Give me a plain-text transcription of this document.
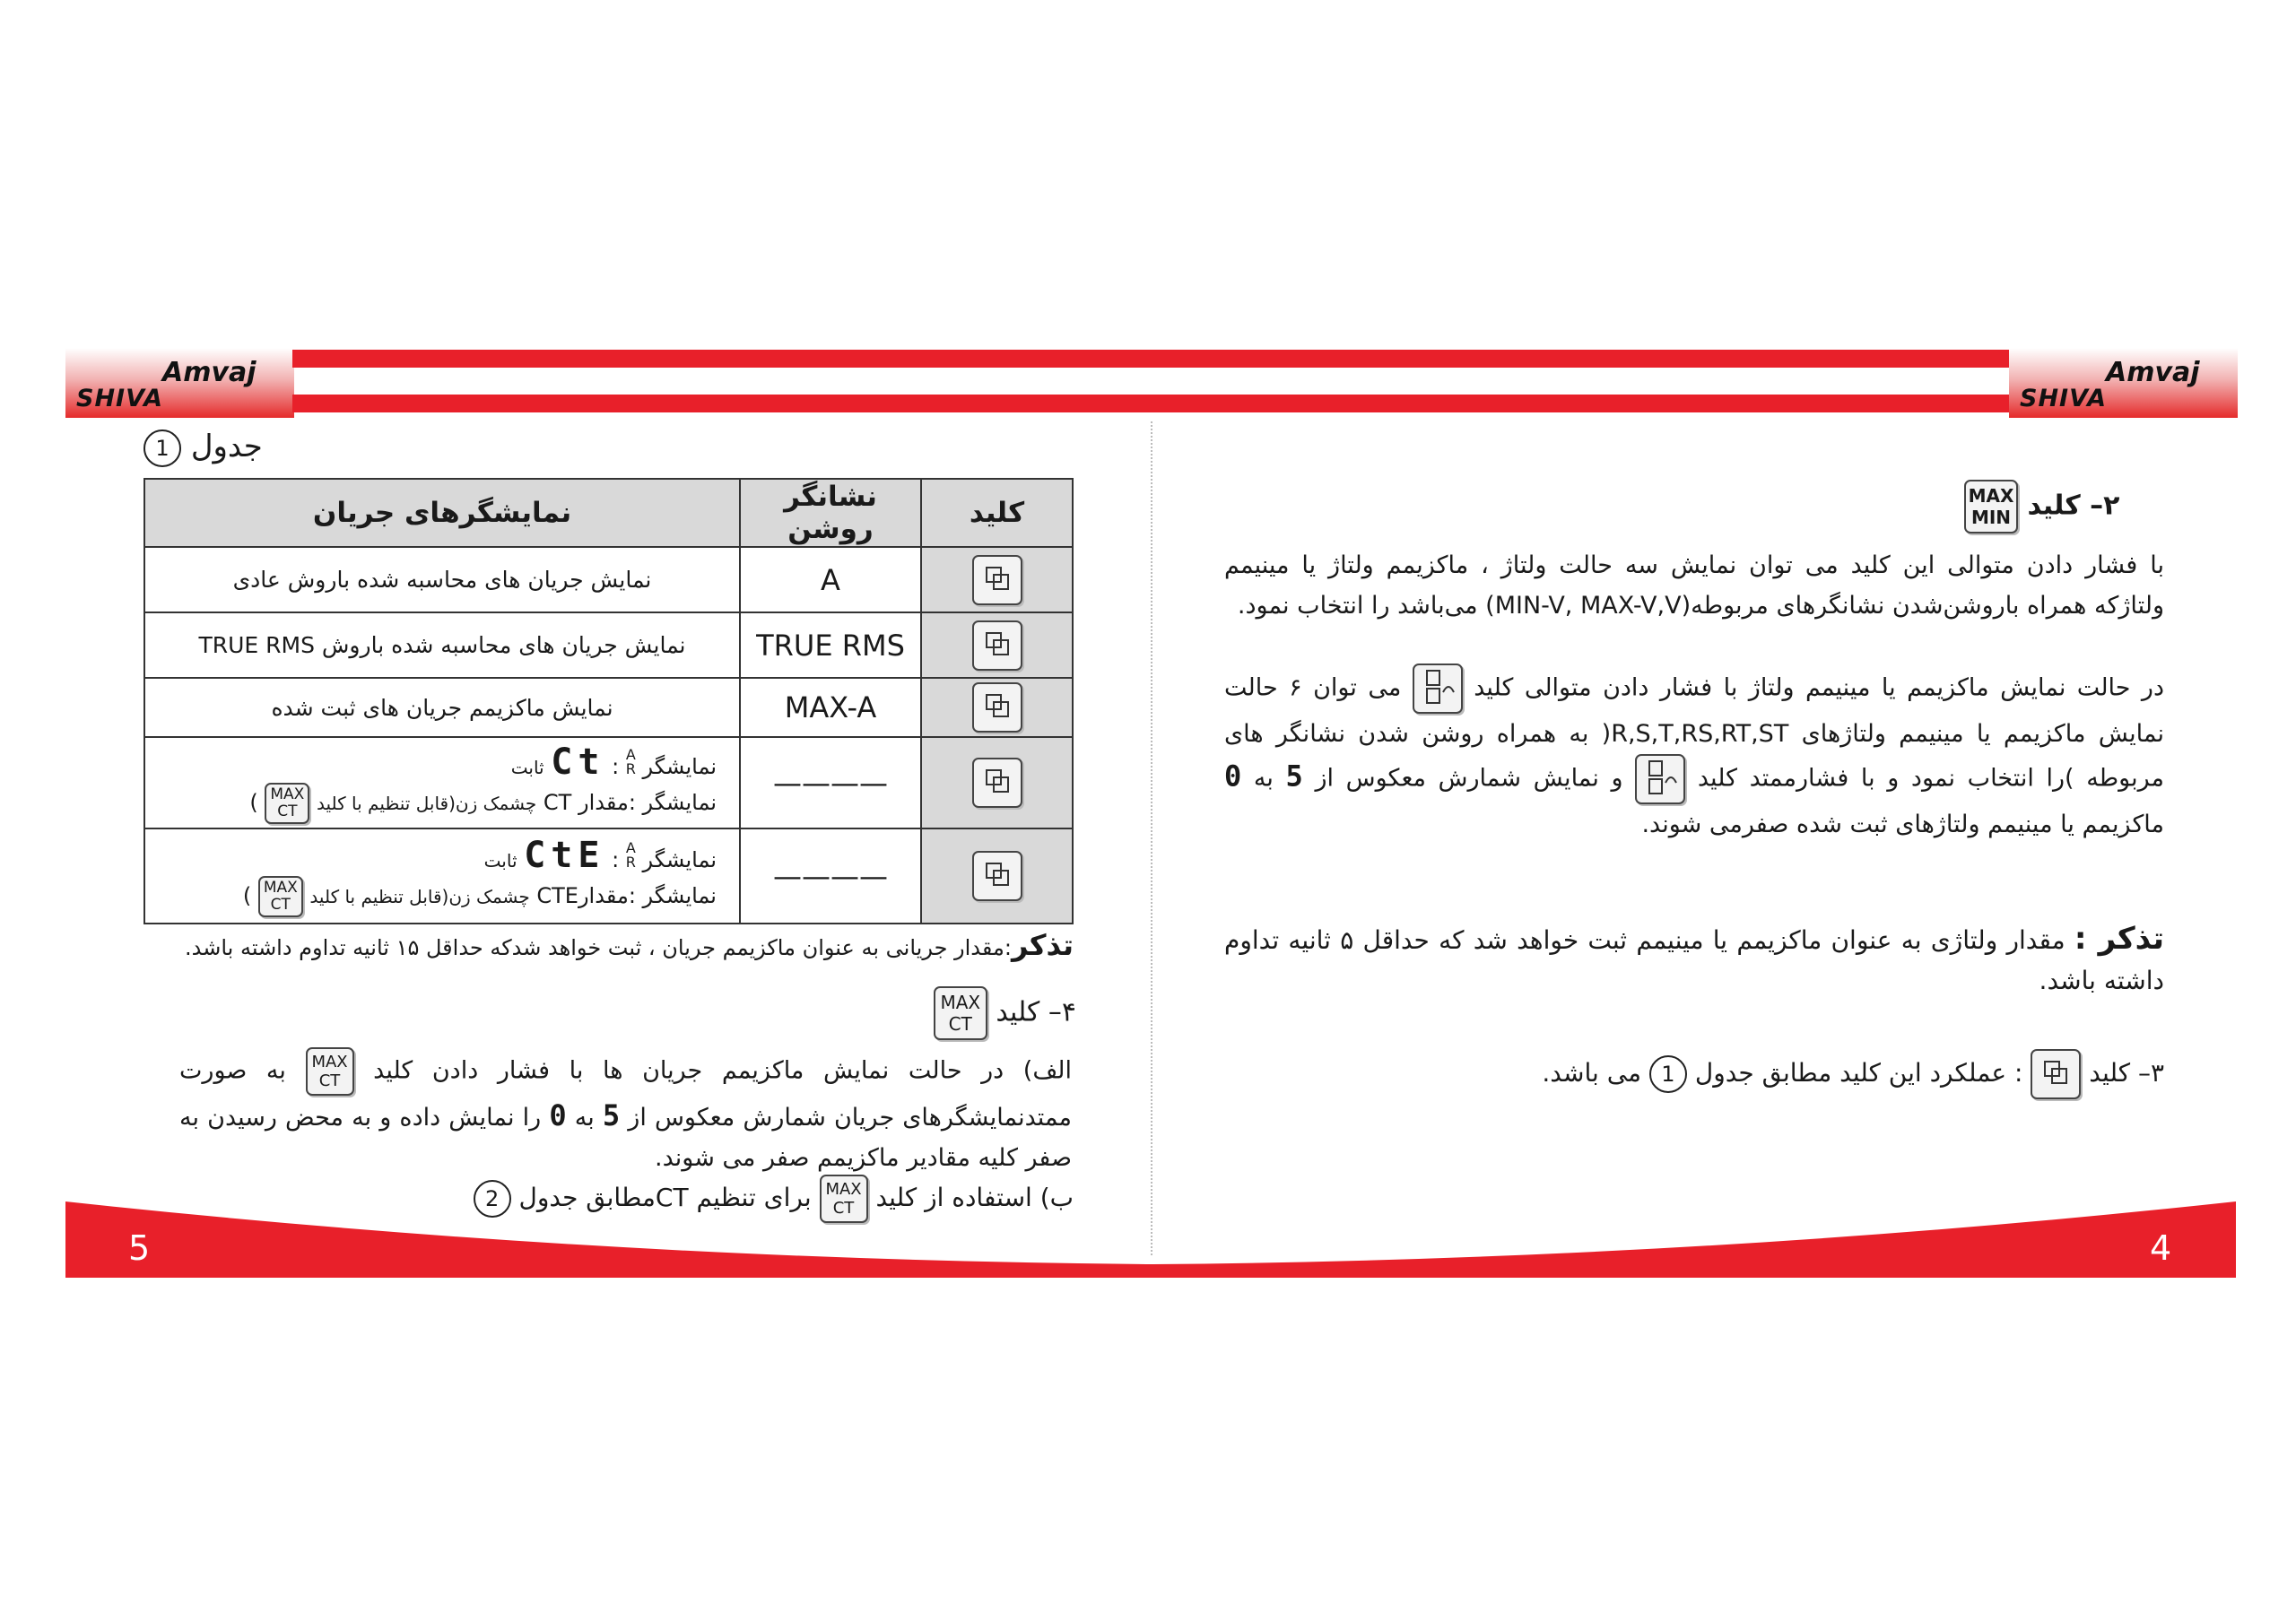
Amvaj
SHIVA
Amvaj
SHIVA
5	4
۲– کلید MAX
MIN
با فشار دادن متوالی این کلید می توان نمایش سه حالت ولتاژ ، ماکزیمم ولتاژ یا مینیمم ولتاژکه همراه باروشن‌شدن نشانگرهای مربوطه(MIN-V, MAX-V,V) می‌باشد را انتخاب نمود.
در حالت نمایش ماکزیمم یا مینیمم ولتاژ با فشار دادن متوالی کلید  می توان ۶ حالت نمایش ماکزیمم یا مینیمم ولتاژهای R,S,T,RS,RT,ST( به همراه روشن شدن نشانگر های مربوطه )را انتخاب نمود و با فشارممتد کلید  و نمایش شمارش معکوس از 5 به 0 ماکزیمم یا مینیمم ولتاژهای ثبت شده صفرمی شوند.
تذکر : مقدار ولتاژی به عنوان ماکزیمم یا مینیمم ثبت خواهد شد که حداقل ۵ ثانیه تداوم داشته باشد.
۳– کلید  : عملکرد این کلید مطابق جدول 1 می باشد.
جدول 1
نمایشگرهای جریان	نشانگر روشن	کلید
نمایش جریان های محاسبه شده باروش عادی	A	
نمایش جریان های محاسبه شده باروش TRUE RMS	TRUE RMS	
نمایش ماکزیمم جریان های ثبت شده	MAX-A	

نمایشگر A
R : Ct ثابت
نمایشگر :مقدار CT چشمک زن(قابل تنظیم با کلید MAX
CT )	————	

نمایشگر A
R : CtE ثابت
نمایشگر :مقدارCTE چشمک زن(قابل تنظیم با کلید MAX
CT )	————	
تذکر:مقدار جریانی به عنوان ماکزیمم جریان ، ثبت خواهد شدکه حداقل ۱۵ ثانیه تداوم داشته باشد.
۴– کلید MAX
CT
الف) در حالت نمایش ماکزیمم جریان ها با فشار دادن کلید MAX
CT به صورت ممتدنمایشگرهای جریان شمارش معکوس از 5 به 0 را نمایش داده و به محض رسیدن به صفر کلیه مقادیر ماکزیمم صفر می شوند.
ب) استفاده از کلید MAX
CT برای تنظیم CTمطابق جدول 2
